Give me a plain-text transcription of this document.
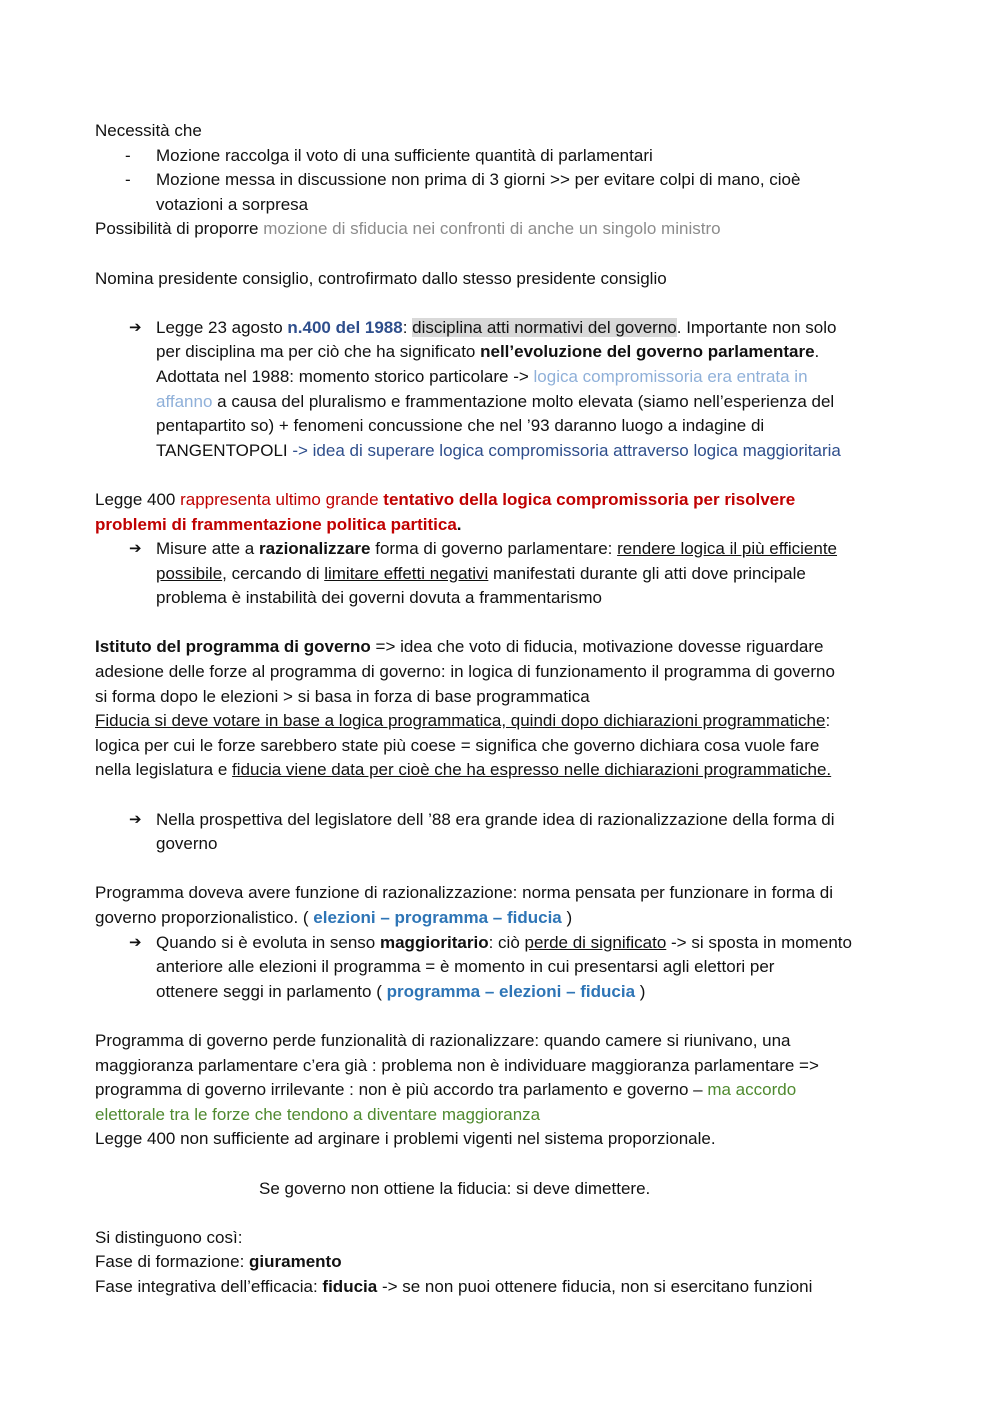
Necessità che
- Mozione raccolga il voto di una sufficiente quantità di parlamentari
- Mozione messa in discussione non prima di 3 giorni >> per evitare colpi di mano, cioè
votazioni a sorpresa
Possibilità di proporre mozione di sfiducia nei confronti di anche un singolo ministro
Nomina presidente consiglio, controfirmato dallo stesso presidente consiglio
➔ Legge 23 agosto n.400 del 1988: disciplina atti normativi del governo. Importante non solo
per disciplina ma per ciò che ha significato nell’evoluzione del governo parlamentare.
Adottata nel 1988: momento storico particolare -> logica compromissoria era entrata in
affanno a causa del pluralismo e frammentazione molto elevata (siamo nell’esperienza del
pentapartito so) + fenomeni concussione che nel ’93 daranno luogo a indagine di
TANGENTOPOLI -> idea di superare logica compromissoria attraverso logica maggioritaria
Legge 400 rappresenta ultimo grande tentativo della logica compromissoria per risolvere
problemi di frammentazione politica partitica.
➔ Misure atte a razionalizzare forma di governo parlamentare: rendere logica il più efficiente
possibile, cercando di limitare effetti negativi manifestati durante gli atti dove principale
problema è instabilità dei governi dovuta a frammentarismo
Istituto del programma di governo => idea che voto di fiducia, motivazione dovesse riguardare
adesione delle forze al programma di governo: in logica di funzionamento il programma di governo
si forma dopo le elezioni > si basa in forza di base programmatica
Fiducia si deve votare in base a logica programmatica, quindi dopo dichiarazioni programmatiche:
logica per cui le forze sarebbero state più coese = significa che governo dichiara cosa vuole fare
nella legislatura e fiducia viene data per cioè che ha espresso nelle dichiarazioni programmatiche.
➔ Nella prospettiva del legislatore dell ’88 era grande idea di razionalizzazione della forma di
governo
Programma doveva avere funzione di razionalizzazione: norma pensata per funzionare in forma di
governo proporzionalistico. ( elezioni – programma – fiducia )
➔ Quando si è evoluta in senso maggioritario: ciò perde di significato -> si sposta in momento
anteriore alle elezioni il programma = è momento in cui presentarsi agli elettori per
ottenere seggi in parlamento ( programma – elezioni – fiducia )
Programma di governo perde funzionalità di razionalizzare: quando camere si riunivano, una
maggioranza parlamentare c’era già : problema non è individuare maggioranza parlamentare =>
programma di governo irrilevante : non è più accordo tra parlamento e governo – ma accordo
elettorale tra le forze che tendono a diventare maggioranza
Legge 400 non sufficiente ad arginare i problemi vigenti nel sistema proporzionale.
Se governo non ottiene la fiducia: si deve dimettere.
Si distinguono così:
Fase di formazione: giuramento
Fase integrativa dell’efficacia: fiducia -> se non puoi ottenere fiducia, non si esercitano funzioni
